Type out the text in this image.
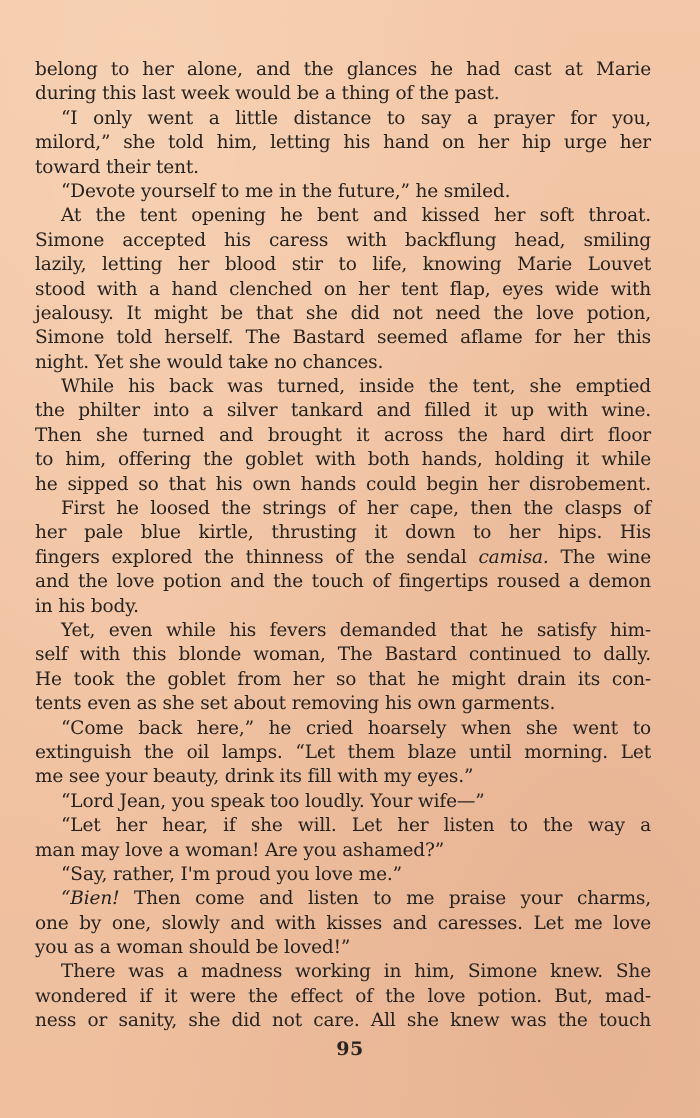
belong to her alone, and the glances he had cast at Marie
during this last week would be a thing of the past.
“I only went a little distance to say a prayer for you,
milord,” she told him, letting his hand on her hip urge her
toward their tent.
“Devote yourself to me in the future,” he smiled.
At the tent opening he bent and kissed her soft throat.
Simone accepted his caress with backflung head, smiling
lazily, letting her blood stir to life, knowing Marie Louvet
stood with a hand clenched on her tent flap, eyes wide with
jealousy. It might be that she did not need the love potion,
Simone told herself. The Bastard seemed aflame for her this
night. Yet she would take no chances.
While his back was turned, inside the tent, she emptied
the philter into a silver tankard and filled it up with wine.
Then she turned and brought it across the hard dirt floor
to him, offering the goblet with both hands, holding it while
he sipped so that his own hands could begin her disrobement.
First he loosed the strings of her cape, then the clasps of
her pale blue kirtle, thrusting it down to her hips. His
fingers explored the thinness of the sendal camisa. The wine
and the love potion and the touch of fingertips roused a demon
in his body.
Yet, even while his fevers demanded that he satisfy him-
self with this blonde woman, The Bastard continued to dally.
He took the goblet from her so that he might drain its con-
tents even as she set about removing his own garments.
“Come back here,” he cried hoarsely when she went to
extinguish the oil lamps. “Let them blaze until morning. Let
me see your beauty, drink its fill with my eyes.”
“Lord Jean, you speak too loudly. Your wife—”
“Let her hear, if she will. Let her listen to the way a
man may love a woman! Are you ashamed?”
“Say, rather, I'm proud you love me.”
“Bien! Then come and listen to me praise your charms,
one by one, slowly and with kisses and caresses. Let me love
you as a woman should be loved!”
There was a madness working in him, Simone knew. She
wondered if it were the effect of the love potion. But, mad-
ness or sanity, she did not care. All she knew was the touch
95
